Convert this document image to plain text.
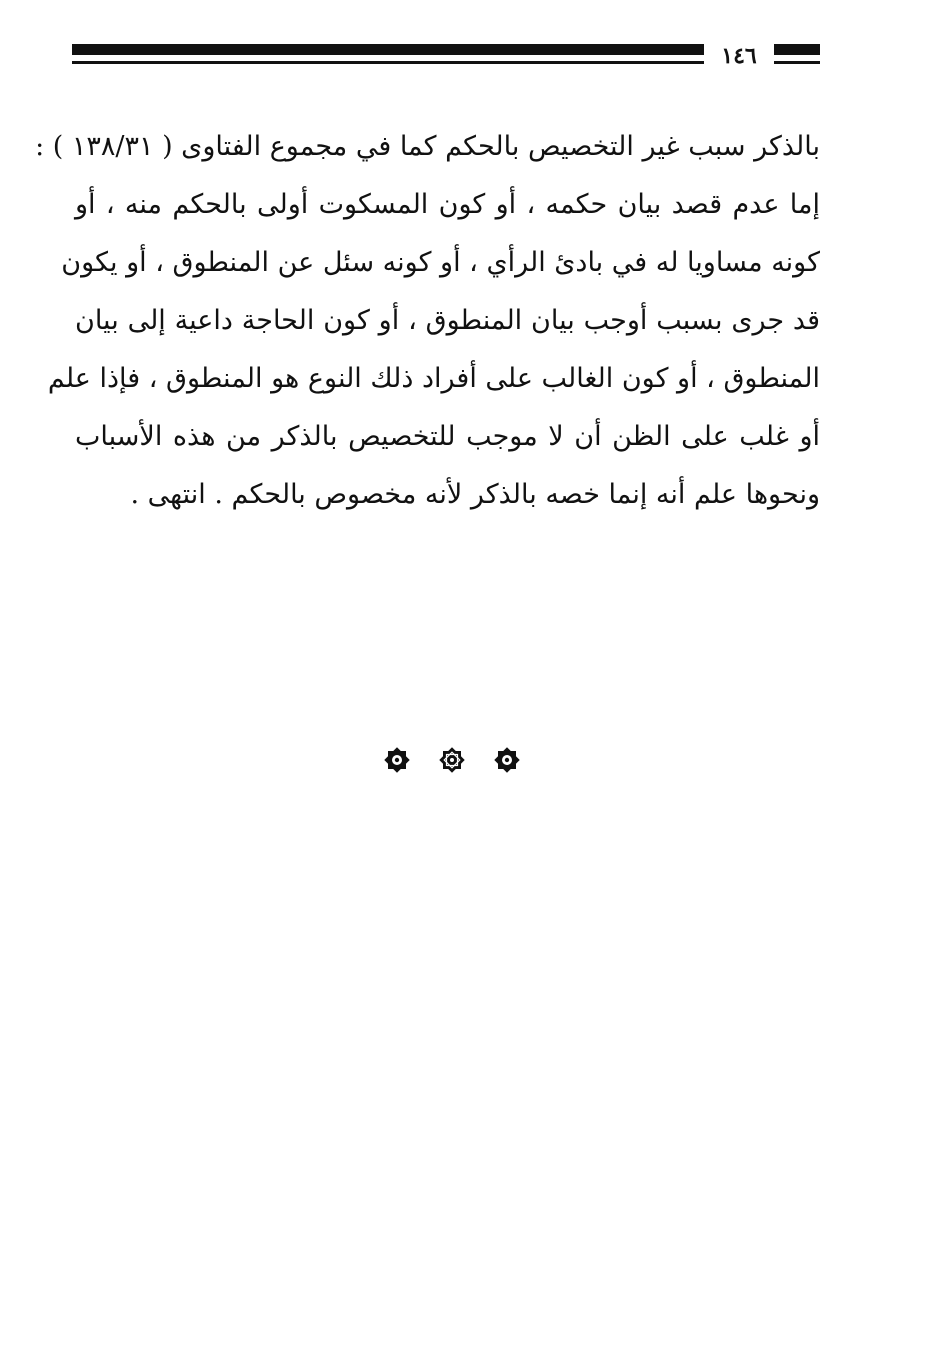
١٤٦
بالذكر سبب غير التخصيص بالحكم كما في مجموع الفتاوى ( ١٣٨/٣١ ) :
إما عدم قصد بيان حكمه ، أو كون المسكوت أولى بالحكم منه ، أو
كونه مساويا له في بادئ الرأي ، أو كونه سئل عن المنطوق ، أو يكون
قد جرى بسبب أوجب بيان المنطوق ، أو كون الحاجة داعية إلى بيان
المنطوق ، أو كون الغالب على أفراد ذلك النوع هو المنطوق ، فإذا علم
أو غلب على الظن أن لا موجب للتخصيص بالذكر من هذه الأسباب
ونحوها علم أنه إنما خصه بالذكر لأنه مخصوص بالحكم . انتهى .
